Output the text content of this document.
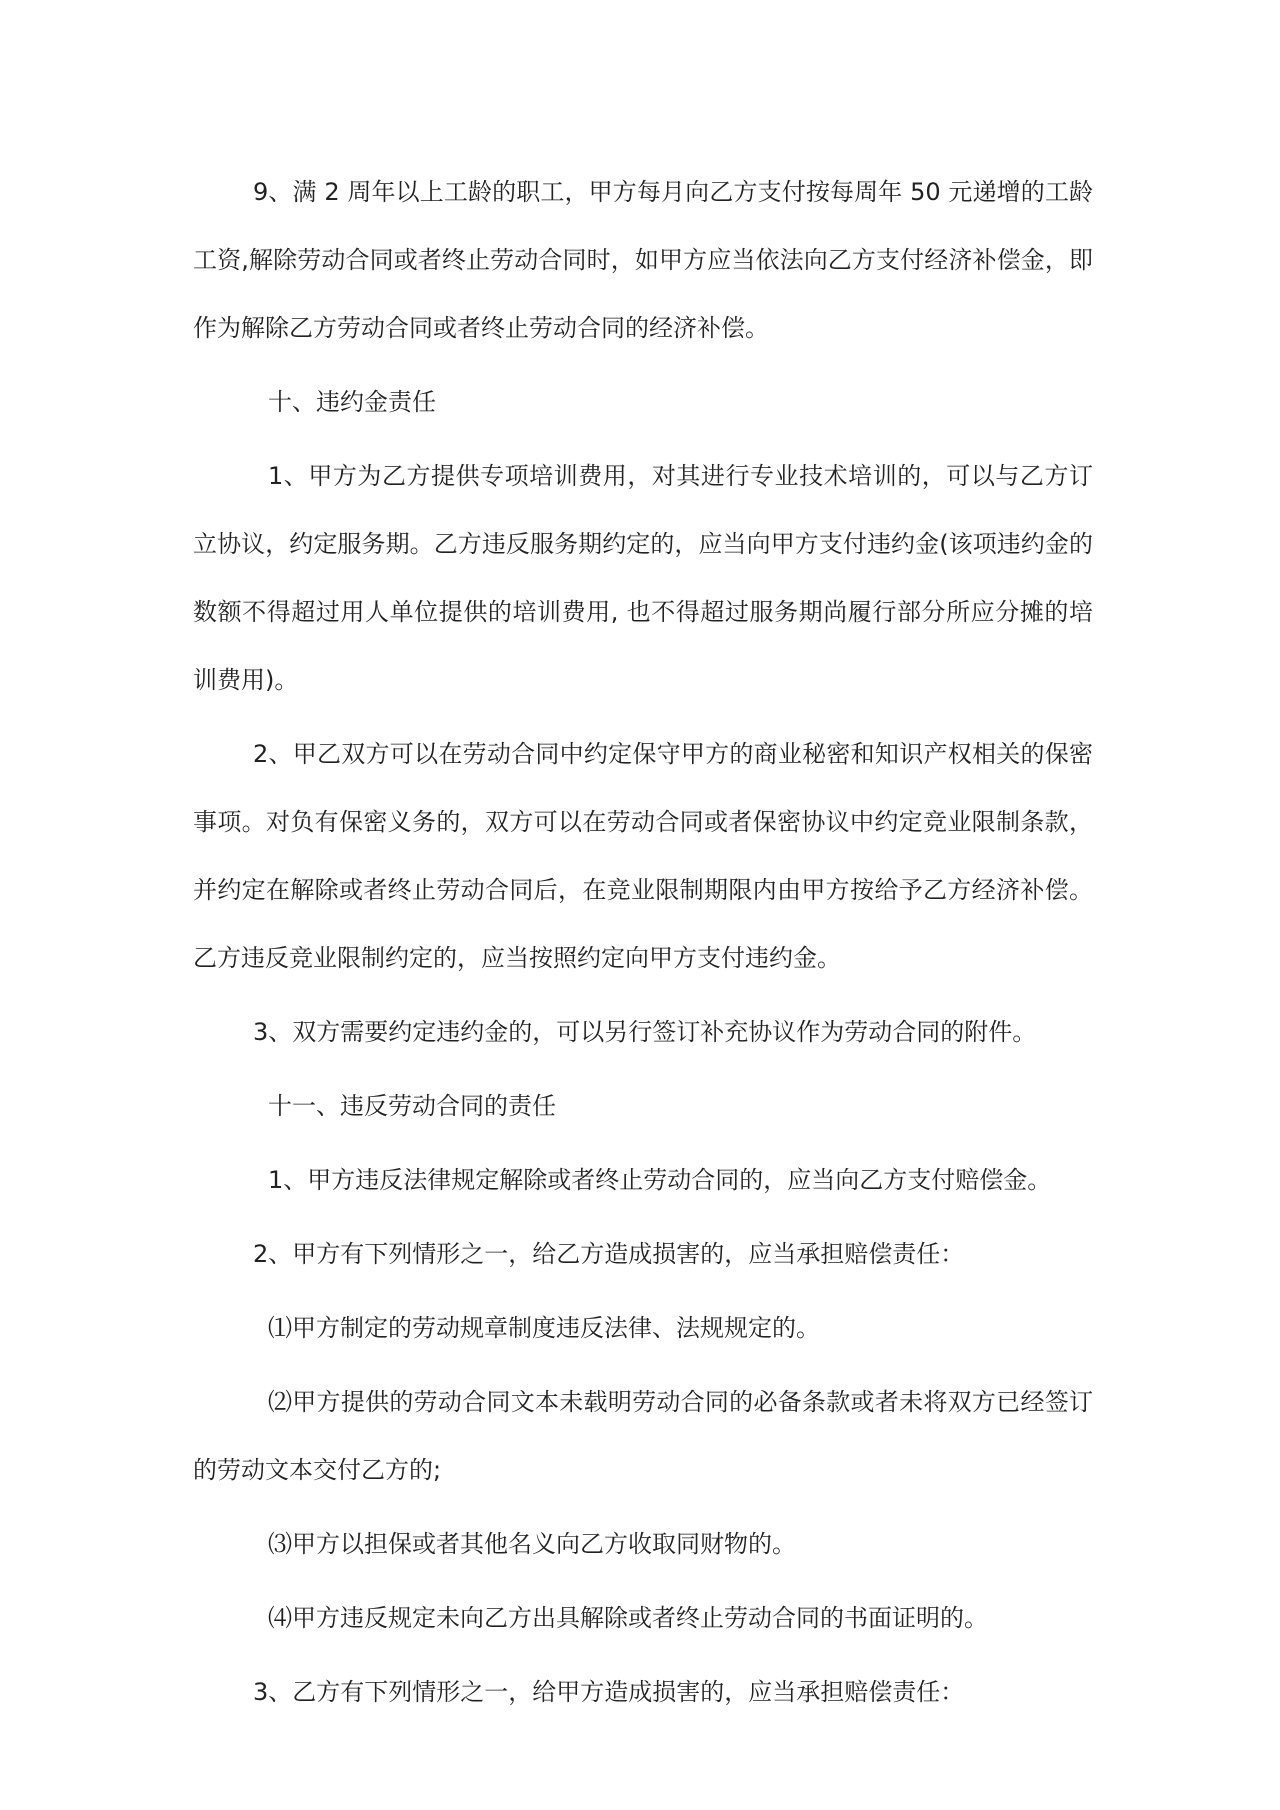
9、满 2 周年以上工龄的职工，甲方每月向乙方支付按每周年 50 元递增的工龄工资,解除劳动合同或者终止劳动合同时，如甲方应当依法向乙方支付经济补偿金，即作为解除乙方劳动合同或者终止劳动合同的经济补偿。

十、违约金责任

1、甲方为乙方提供专项培训费用，对其进行专业技术培训的，可以与乙方订立协议，约定服务期。乙方违反服务期约定的，应当向甲方支付违约金(该项违约金的数额不得超过用人单位提供的培训费用, 也不得超过服务期尚履行部分所应分摊的培训费用)。

2、甲乙双方可以在劳动合同中约定保守甲方的商业秘密和知识产权相关的保密事项。对负有保密义务的，双方可以在劳动合同或者保密协议中约定竞业限制条款，并约定在解除或者终止劳动合同后，在竞业限制期限内由甲方按给予乙方经济补偿。乙方违反竞业限制约定的，应当按照约定向甲方支付违约金。

3、双方需要约定违约金的，可以另行签订补充协议作为劳动合同的附件。

十一、违反劳动合同的责任

1、甲方违反法律规定解除或者终止劳动合同的，应当向乙方支付赔偿金。

2、甲方有下列情形之一，给乙方造成损害的，应当承担赔偿责任：

⑴甲方制定的劳动规章制度违反法律、法规规定的。

⑵甲方提供的劳动合同文本未载明劳动合同的必备条款或者未将双方已经签订的劳动文本交付乙方的;

⑶甲方以担保或者其他名义向乙方收取同财物的。

⑷甲方违反规定未向乙方出具解除或者终止劳动合同的书面证明的。

3、乙方有下列情形之一，给甲方造成损害的，应当承担赔偿责任：
